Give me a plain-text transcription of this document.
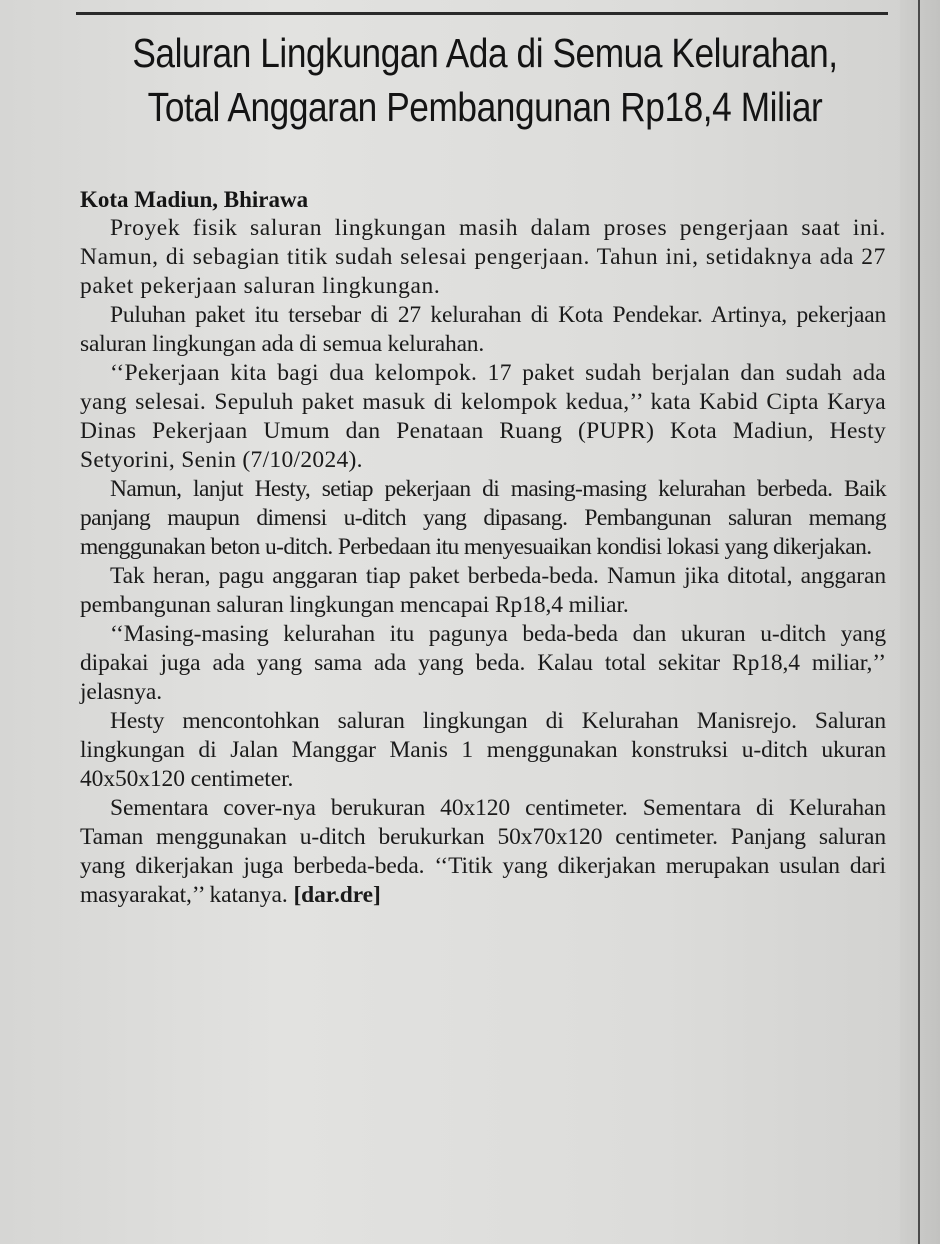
Saluran Lingkungan Ada di Semua Kelurahan,
Total Anggaran Pembangunan Rp18,4 Miliar

Kota Madiun, Bhirawa

Proyek fisik saluran lingkungan masih dalam proses pengerjaan saat ini. Namun, di sebagian titik sudah selesai pengerjaan. Tahun ini, setidaknya ada 27 paket pekerjaan saluran lingkungan.

Puluhan paket itu tersebar di 27 kelurahan di Kota Pendekar. Artinya, pekerjaan saluran lingkungan ada di semua kelurahan.

‘‘Pekerjaan kita bagi dua kelompok. 17 paket sudah berjalan dan sudah ada yang selesai. Sepuluh paket masuk di kelompok kedua,’’ kata Kabid Cipta Karya Dinas Pekerjaan Umum dan Penataan Ruang (PUPR) Kota Madiun, Hesty Setyorini, Senin (7/10/2024).

Namun, lanjut Hesty, setiap pekerjaan di masing-masing kelurahan berbeda. Baik panjang maupun dimensi u-ditch yang dipasang. Pembangunan saluran memang menggunakan beton u-ditch. Perbedaan itu menyesuaikan kondisi lokasi yang dikerjakan.

Tak heran, pagu anggaran tiap paket berbeda-beda. Namun jika ditotal, anggaran pembangunan saluran lingkungan mencapai Rp18,4 miliar.

‘‘Masing-masing kelurahan itu pagunya beda-beda dan ukuran u-ditch yang dipakai juga ada yang sama ada yang beda. Kalau total sekitar Rp18,4 miliar,’’ jelasnya.

Hesty mencontohkan saluran lingkungan di Kelurahan Manisrejo. Saluran lingkungan di Jalan Manggar Manis 1 menggunakan konstruksi u-ditch ukuran 40x50x120 centimeter.

Sementara cover-nya berukuran 40x120 centimeter. Sementara di Kelurahan Taman menggunakan u-ditch berukurkan 50x70x120 centimeter. Panjang saluran yang dikerjakan juga berbeda-beda. ‘‘Titik yang dikerjakan merupakan usulan dari masyarakat,’’ katanya. [dar.dre]
